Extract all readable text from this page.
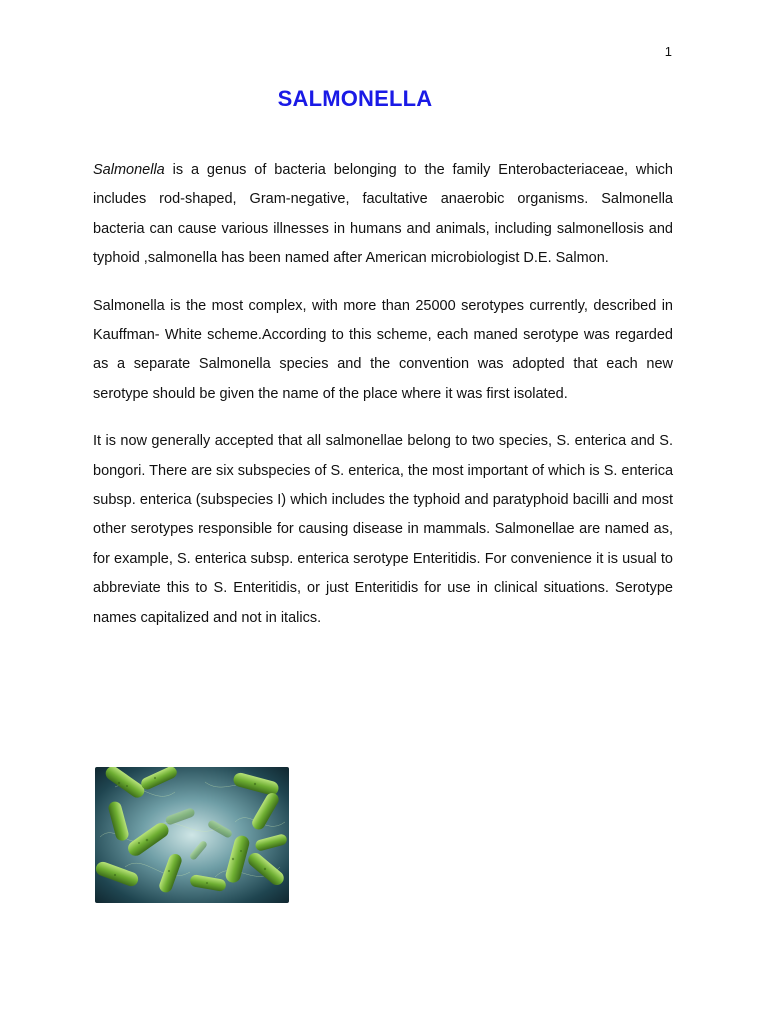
1
SALMONELLA

Salmonella is a genus of bacteria belonging to the family Enterobacteriaceae, which includes rod-shaped, Gram-negative, facultative anaerobic organisms. Salmonella bacteria can cause various illnesses in humans and animals, including salmonellosis and typhoid ,salmonella has been named after American microbiologist D.E. Salmon.

Salmonella is the most complex, with more than 25000 serotypes currently, described in Kauffman- White scheme.According to this scheme, each maned serotype was regarded as a separate Salmonella species and the convention was adopted that each new serotype should be given the name of the place where it was first isolated.

It is now generally accepted that all salmonellae belong to two species, S. enterica and S. bongori. There are six subspecies of S. enterica, the most important of which is S. enterica subsp. enterica (subspecies I) which includes the typhoid and paratyphoid bacilli and most other serotypes responsible for causing disease in mammals. Salmonellae are named as, for example, S. enterica subsp. enterica serotype Enteritidis. For convenience it is usual to abbreviate this to S. Enteritidis, or just Enteritidis for use in clinical situations. Serotype names capitalized and not in italics.
